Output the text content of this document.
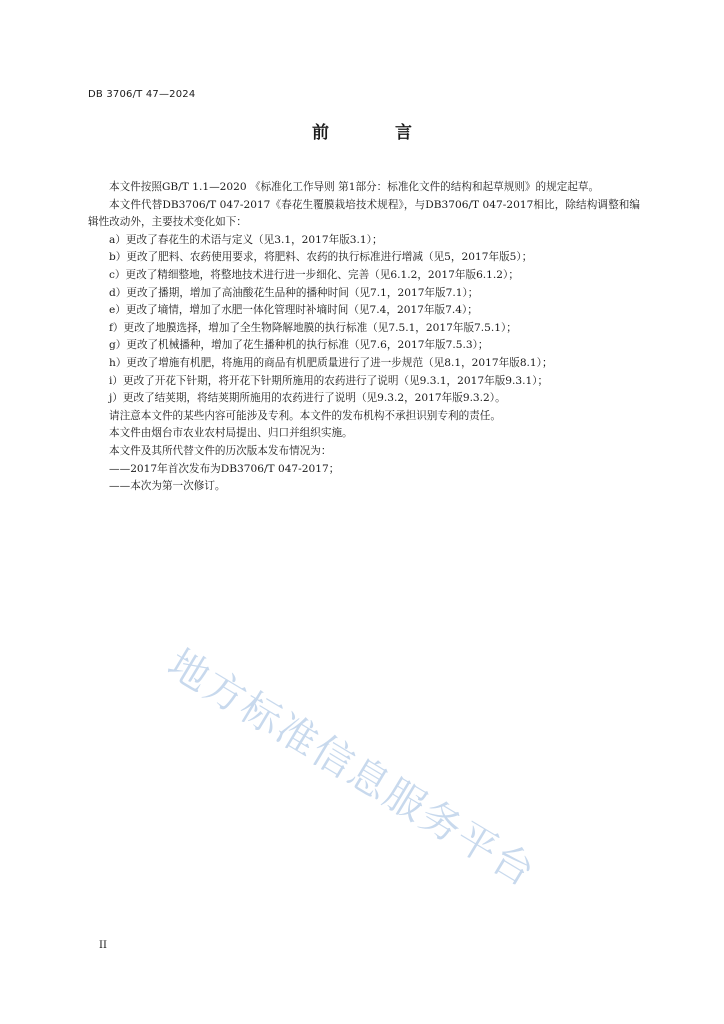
DB 3706/T 47—2024
前 言

本文件按照GB/T 1.1—2020 《标准化工作导则 第1部分：标准化文件的结构和起草规则》的规定起草。

本文件代替DB3706/T 047-2017《春花生覆膜栽培技术规程》，与DB3706/T 047-2017相比，除结构调整和编辑性改动外，主要技术变化如下：

a）更改了春花生的术语与定义（见3.1，2017年版3.1）；

b）更改了肥料、农药使用要求，将肥料、农药的执行标准进行增减（见5，2017年版5）；

c）更改了精细整地，将整地技术进行进一步细化、完善（见6.1.2，2017年版6.1.2）；

d）更改了播期，增加了高油酸花生品种的播种时间（见7.1，2017年版7.1）；

e）更改了墒情，增加了水肥一体化管理时补墒时间（见7.4，2017年版7.4）；

f）更改了地膜选择，增加了全生物降解地膜的执行标准（见7.5.1，2017年版7.5.1）；

g）更改了机械播种，增加了花生播种机的执行标准（见7.6，2017年版7.5.3）；

h）更改了增施有机肥，将施用的商品有机肥质量进行了进一步规范（见8.1，2017年版8.1）；

i）更改了开花下针期，将开花下针期所施用的农药进行了说明（见9.3.1，2017年版9.3.1）；

j）更改了结荚期，将结荚期所施用的农药进行了说明（见9.3.2，2017年版9.3.2）。

请注意本文件的某些内容可能涉及专利。本文件的发布机构不承担识别专利的责任。

本文件由烟台市农业农村局提出、归口并组织实施。

本文件及其所代替文件的历次版本发布情况为：

——2017年首次发布为DB3706/T 047-2017；

——本次为第一次修订。

地方标准信息服务平台
II
